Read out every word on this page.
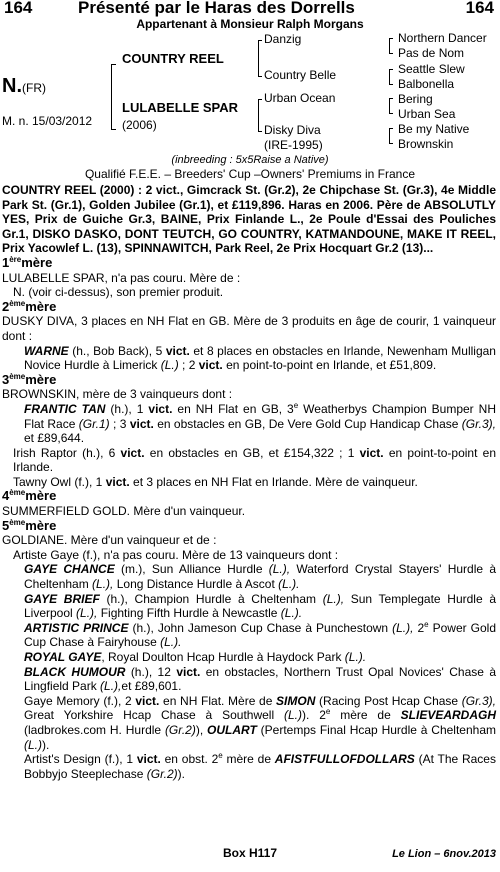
164	Présenté par le Haras des Dorrells	164
Appartenant à Monsieur Ralph Morgans
N.(FR)
M. n. 15/03/2012
COUNTRY REEL
LULABELLE SPAR
(2006)
Danzig
Country Belle
Urban Ocean
Disky Diva
(IRE-1995)
Northern Dancer
Pas de Nom
Seattle Slew
Balbonella
Bering
Urban Sea
Be my Native
Brownskin
(inbreeding : 5x5Raise a Native)
Qualifié F.E.E. – Breeders' Cup –Owners' Premiums in France

COUNTRY REEL (2000) : 2 vict., Gimcrack St. (Gr.2), 2e Chipchase St. (Gr.3), 4e Middle Park St. (Gr.1), Golden Jubilee (Gr.1), et £119,896. Haras en 2006. Père de ABSOLUTLY YES, Prix de Guiche Gr.3, BAINE, Prix Finlande L., 2e Poule d'Essai des Pouliches Gr.1, DISKO DASKO, DONT TEUTCH, GO COUNTRY, KATMANDOUNE, MAKE IT REEL, Prix Yacowlef L. (13), SPINNAWITCH, Park Reel, 2e Prix Hocquart Gr.2 (13)...

1èremère

LULABELLE SPAR, n'a pas couru. Mère de :

N. (voir ci-dessus), son premier produit.

2èmemère

DUSKY DIVA, 3 places en NH Flat en GB. Mère de 3 produits en âge de courir, 1 vainqueur dont :

WARNE (h., Bob Back), 5 vict. et 8 places en obstacles en Irlande, Newenham Mulligan Novice Hurdle à Limerick (L.) ; 2 vict. en point-to-point en Irlande, et £51,809.

3èmemère

BROWNSKIN, mère de 3 vainqueurs dont :

FRANTIC TAN (h.), 1 vict. en NH Flat en GB, 3e Weatherbys Champion Bumper NH Flat Race (Gr.1) ; 3 vict. en obstacles en GB, De Vere Gold Cup Handicap Chase (Gr.3), et £89,644.

Irish Raptor (h.), 6 vict. en obstacles en GB, et £154,322 ; 1 vict. en point-to-point en Irlande.

Tawny Owl (f.), 1 vict. et 3 places en NH Flat en Irlande. Mère de vainqueur.

4èmemère

SUMMERFIELD GOLD. Mère d'un vainqueur.

5èmemère

GOLDIANE. Mère d'un vainqueur et de :

Artiste Gaye (f.), n'a pas couru. Mère de 13 vainqueurs dont :

GAYE CHANCE (m.), Sun Alliance Hurdle (L.), Waterford Crystal Stayers' Hurdle à Cheltenham (L.), Long Distance Hurdle à Ascot (L.).

GAYE BRIEF (h.), Champion Hurdle à Cheltenham (L.), Sun Templegate Hurdle à Liverpool (L.), Fighting Fifth Hurdle à Newcastle (L.).

ARTISTIC PRINCE (h.), John Jameson Cup Chase à Punchestown (L.), 2e Power Gold Cup Chase à Fairyhouse (L.).

ROYAL GAYE, Royal Doulton Hcap Hurdle à Haydock Park (L.).

BLACK HUMOUR (h.), 12 vict. en obstacles, Northern Trust Opal Novices' Chase à Lingfield Park (L.),et £89,601.

Gaye Memory (f.), 2 vict. en NH Flat. Mère de SIMON (Racing Post Hcap Chase (Gr.3), Great Yorkshire Hcap Chase à Southwell (L.)). 2e mère de SLIEVEARDAGH (ladbrokes.com H. Hurdle (Gr.2)), OULART (Pertemps Final Hcap Hurdle à Cheltenham (L.)).

Artist's Design (f.), 1 vict. en obst. 2e mère de AFISTFULLOFDOLLARS (At The Races Bobbyjo Steeplechase (Gr.2)).

Box H117	Le Lion – 6nov.2013
